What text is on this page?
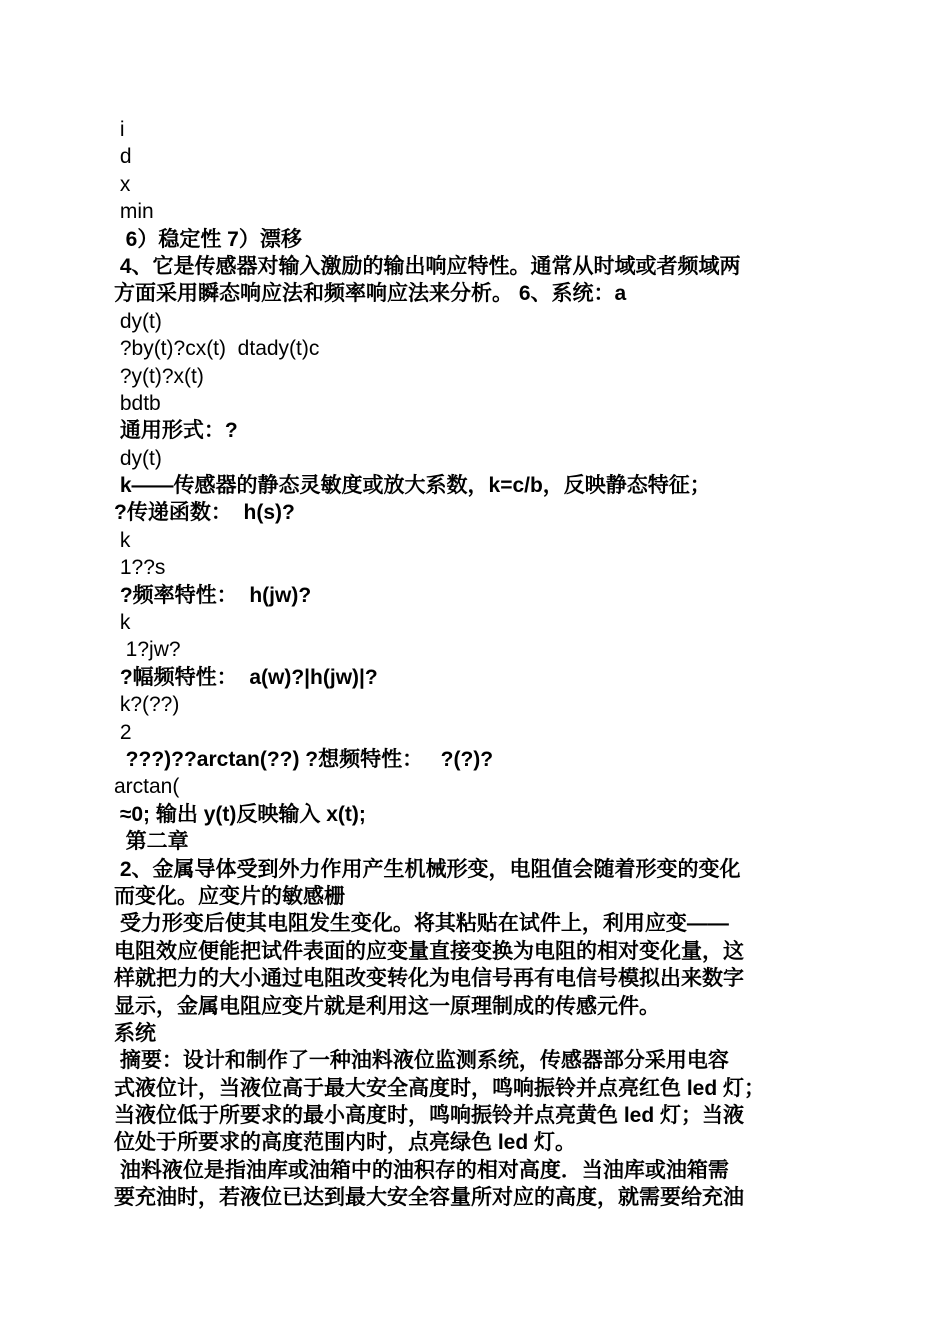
i
d
x
min
6）稳定性 7）漂移
4、它是传感器对输入激励的输出响应特性。通常从时域或者频域两
方面采用瞬态响应法和频率响应法来分析。 6、系统：a
dy(t)
?by(t)?cx(t)  dtady(t)c
?y(t)?x(t)
bdtb
通用形式：?
dy(t)
k——传感器的静态灵敏度或放大系数，k=c/b，反映静态特征；
?传递函数：  h(s)?
k
1??s
?频率特性：  h(jw)?
k
1?jw?
?幅频特性：  a(w)?|h(jw)|?
k?(??)
2
???)??arctan(??) ?想频特性：   ?(?)?
arctan(
≈0; 输出 y(t)反映输入 x(t);
第二章
2、金属导体受到外力作用产生机械形变，电阻值会随着形变的变化
而变化。应变片的敏感栅
受力形变后使其电阻发生变化。将其粘贴在试件上，利用应变——
电阻效应便能把试件表面的应变量直接变换为电阻的相对变化量，这
样就把力的大小通过电阻改变转化为电信号再有电信号模拟出来数字
显示，金属电阻应变片就是利用这一原理制成的传感元件。
系统
摘要：设计和制作了一种油料液位监测系统，传感器部分采用电容
式液位计，当液位高于最大安全高度时，鸣响振铃并点亮红色 led 灯；
当液位低于所要求的最小高度时，鸣响振铃并点亮黄色 led 灯；当液
位处于所要求的高度范围内时，点亮绿色 led 灯。
油料液位是指油库或油箱中的油积存的相对高度．当油库或油箱需
要充油时，若液位已达到最大安全容量所对应的高度，就需要给充油
